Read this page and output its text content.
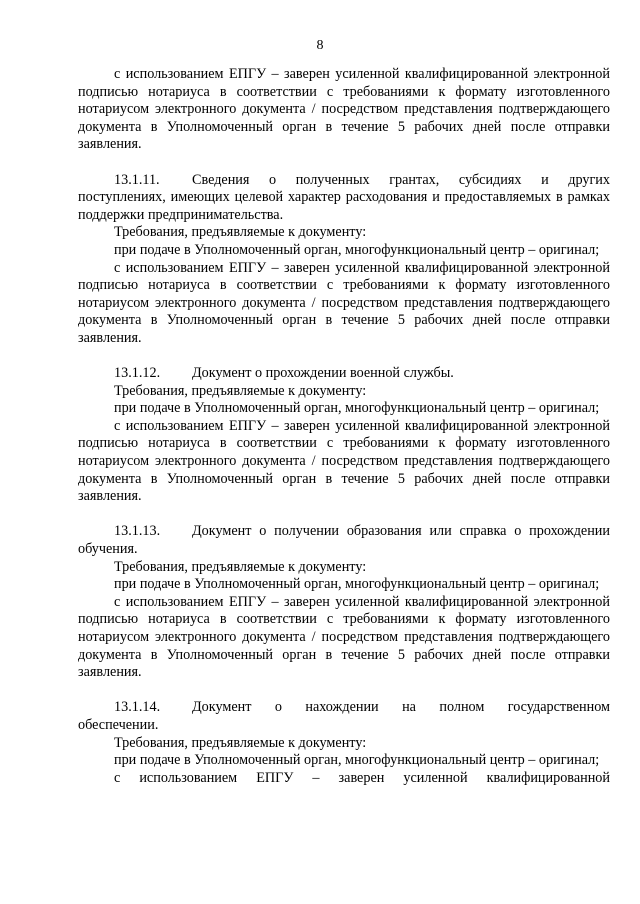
8

с использованием ЕПГУ – заверен усиленной квалифицированной электронной подписью нотариуса в соответствии с требованиями к формату изготовленного нотариусом электронного документа / посредством представления подтверждающего документа в Уполномоченный орган в течение 5 рабочих дней после отправки заявления.

13.1.11.	Сведения о полученных грантах, субсидиях и других

поступлениях, имеющих целевой характер расходования и предоставляемых в рамках поддержки предпринимательства.

Требования, предъявляемые к документу:

при подаче в Уполномоченный орган, многофункциональный центр – оригинал;

с использованием ЕПГУ – заверен усиленной квалифицированной электронной подписью нотариуса в соответствии с требованиями к формату изготовленного нотариусом электронного документа / посредством представления подтверждающего документа в Уполномоченный орган в течение 5 рабочих дней после отправки заявления.

13.1.12.	Документ о прохождении военной службы.

Требования, предъявляемые к документу:

при подаче в Уполномоченный орган, многофункциональный центр – оригинал;

с использованием ЕПГУ – заверен усиленной квалифицированной электронной подписью нотариуса в соответствии с требованиями к формату изготовленного нотариусом электронного документа / посредством представления подтверждающего документа в Уполномоченный орган в течение 5 рабочих дней после отправки заявления.

13.1.13.	Документ о получении образования или справка о прохождении

обучения.

Требования, предъявляемые к документу:

при подаче в Уполномоченный орган, многофункциональный центр – оригинал;

с использованием ЕПГУ – заверен усиленной квалифицированной электронной подписью нотариуса в соответствии с требованиями к формату изготовленного нотариусом электронного документа / посредством представления подтверждающего документа в Уполномоченный орган в течение 5 рабочих дней после отправки заявления.

13.1.14.	Документ о нахождении на полном государственном

обеспечении.

Требования, предъявляемые к документу:

при подаче в Уполномоченный орган, многофункциональный центр – оригинал;

с использованием ЕПГУ – заверен усиленной квалифицированной
